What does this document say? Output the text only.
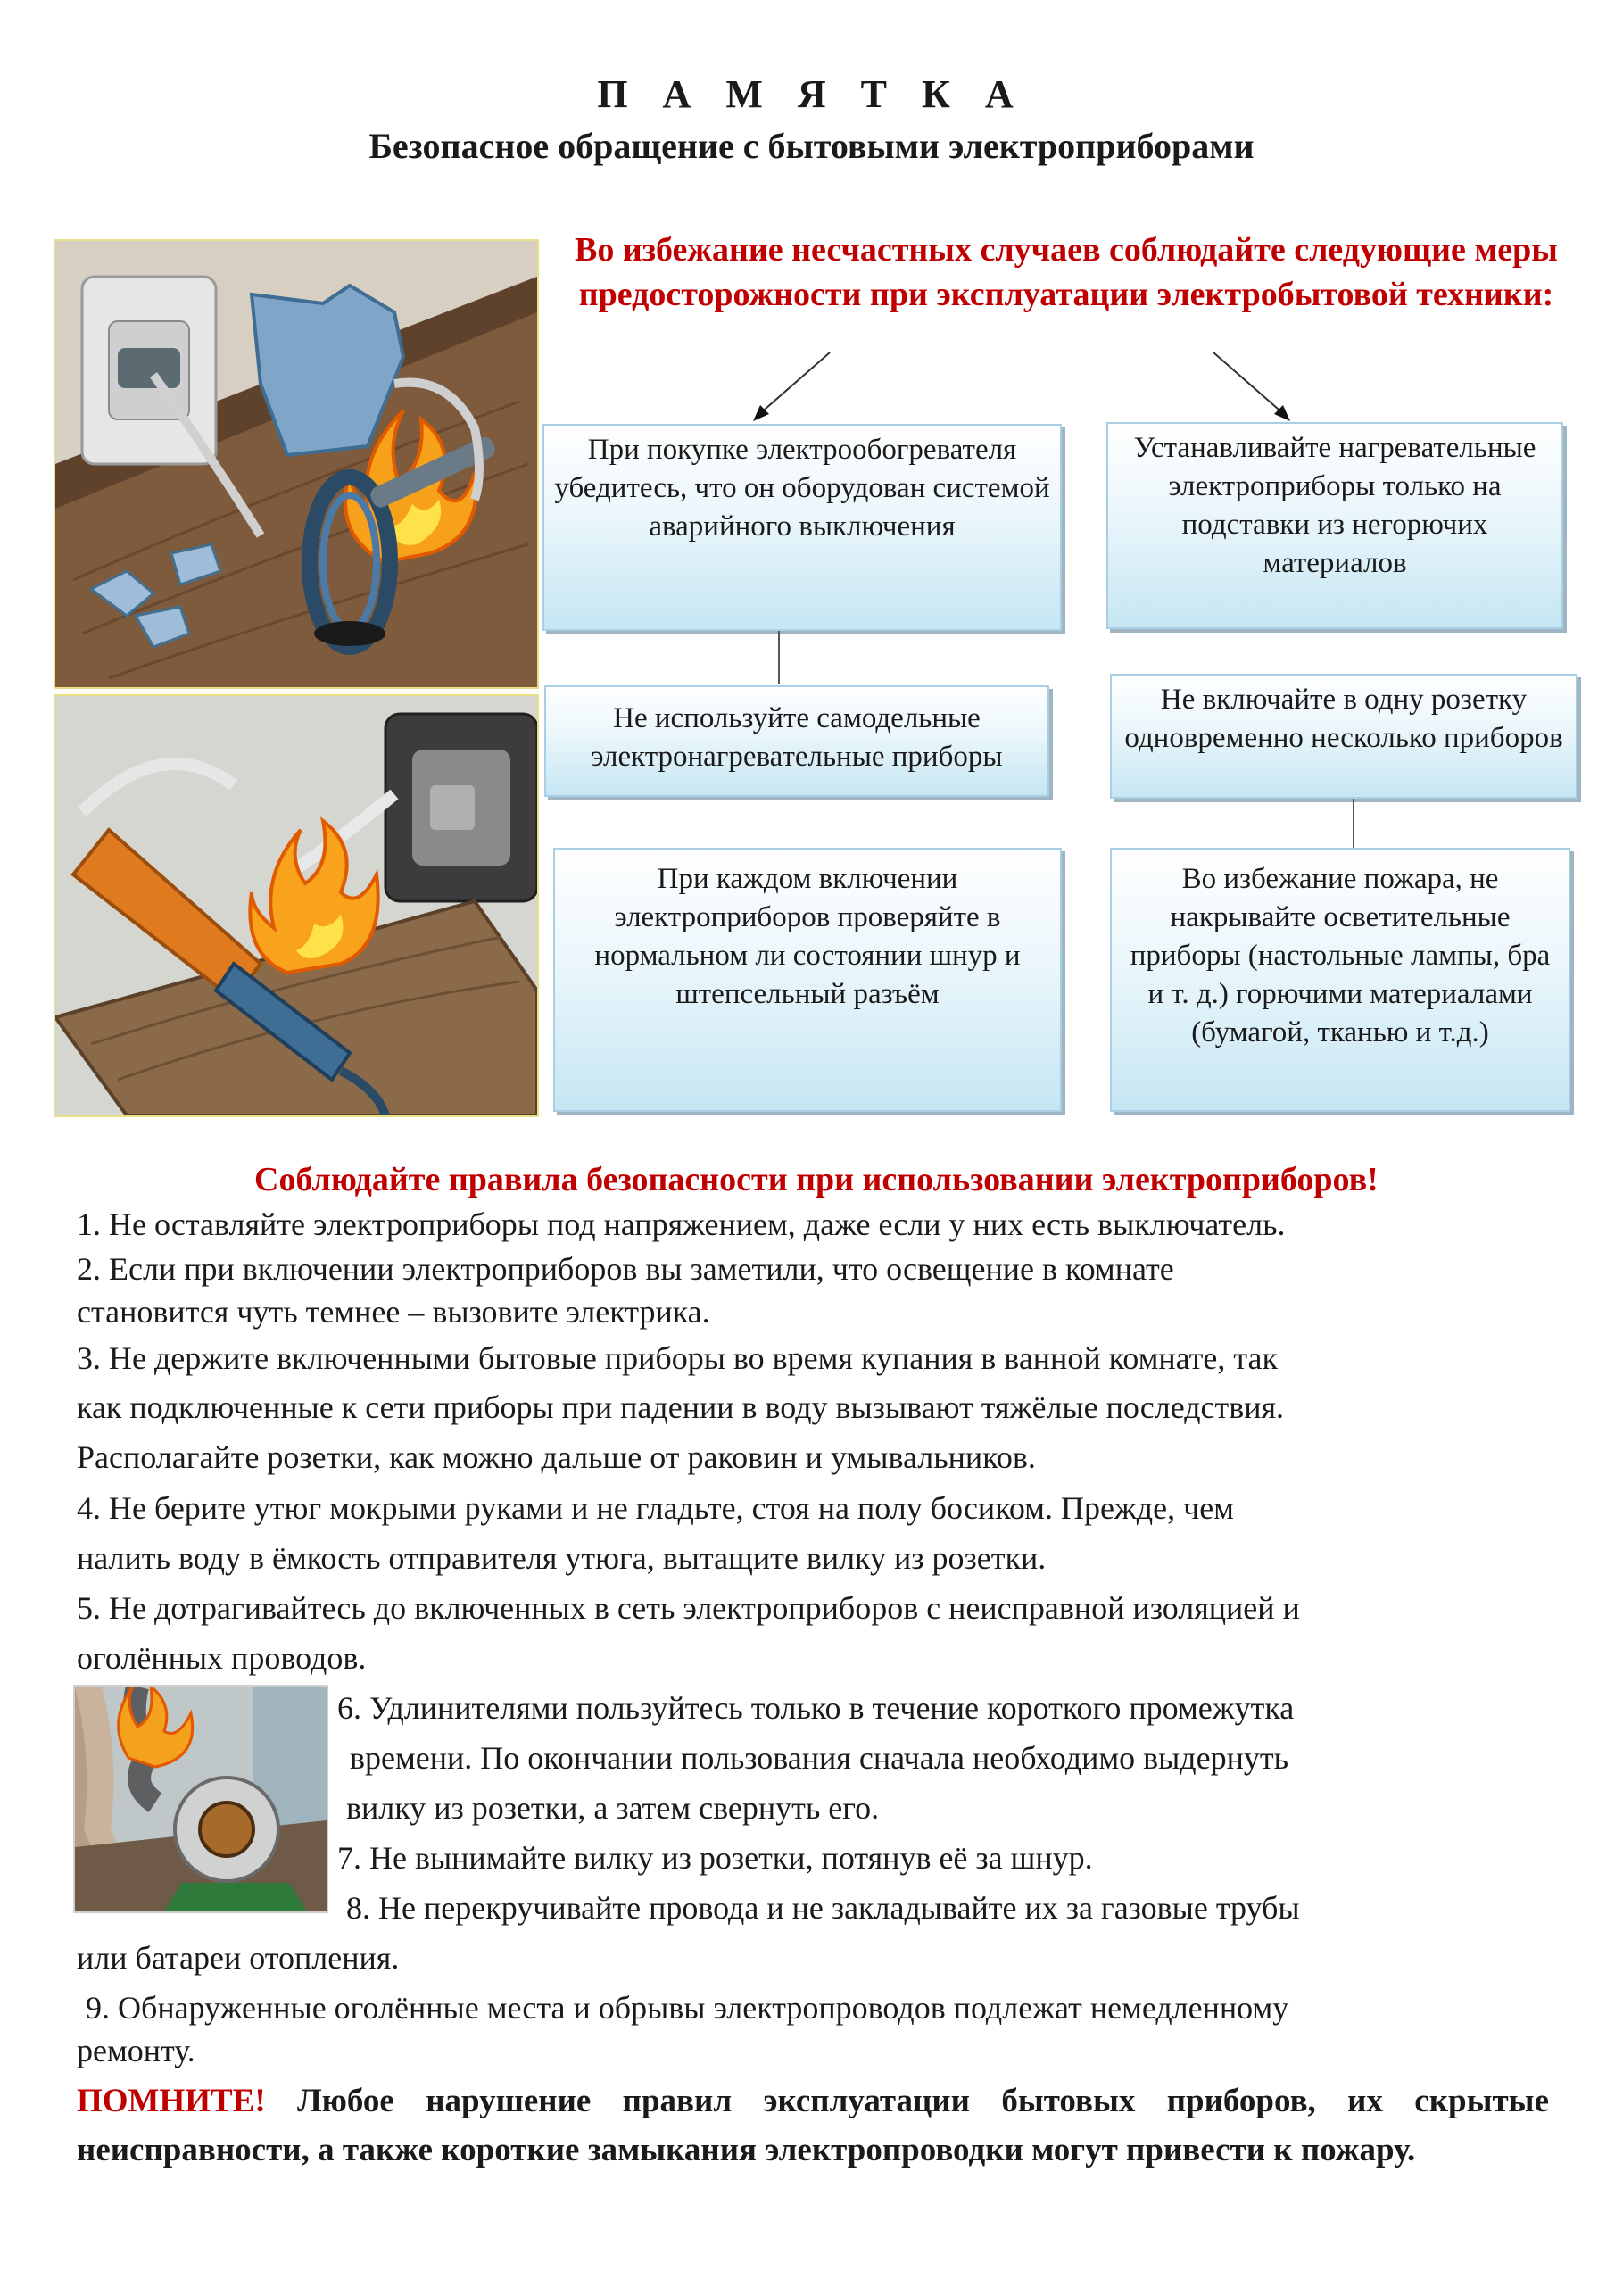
П А М Я Т К А
Безопасное обращение с бытовыми электроприборами
Во избежание несчастных случаев соблюдайте следующие меры предосторожности при эксплуатации электробытовой техники:
При покупке электрообогревателя убедитесь, что он оборудован системой аварийного выключения
Устанавливайте нагревательные электроприборы только на подставки из негорючих материалов
Не используйте самодельные электронагревательные приборы
Не включайте в одну розетку одновременно несколько приборов
При каждом включении электроприборов проверяйте в нормальном ли состоянии шнур и штепсельный разъём
Во избежание пожара, не накрывайте осветительные приборы (настольные лампы, бра и т. д.) горючими материалами (бумагой, тканью и т.д.)
Соблюдайте правила безопасности при использовании электроприборов!
1. Не оставляйте электроприборы под напряжением, даже если у них есть выключатель.
2. Если при включении электроприборов вы заметили, что освещение в комнате
становится чуть темнее – вызовите электрика.
3. Не держите включенными бытовые приборы во время купания в ванной комнате, так
как подключенные к сети приборы при падении в воду вызывают тяжёлые последствия.
Располагайте розетки, как можно дальше от раковин и умывальников.
4. Не берите утюг мокрыми руками и не гладьте, стоя на полу босиком. Прежде, чем
налить воду в ёмкость отправителя утюга, вытащите вилку из розетки.
5. Не дотрагивайтесь до включенных в сеть электроприборов с неисправной изоляцией и
оголённых проводов.
6. Удлинителями пользуйтесь только в течение короткого промежутка
времени. По окончании пользования сначала необходимо выдернуть
вилку из розетки, а затем свернуть его.
7. Не вынимайте вилку из розетки, потянув её за шнур.
8. Не перекручивайте провода и не закладывайте их за газовые трубы
или батареи отопления.
9. Обнаруженные оголённые места и обрывы электропроводов подлежат немедленному
ремонту.
ПОМНИТЕ! Любое нарушение правил эксплуатации бытовых приборов, их скрытые неисправности, а также короткие замыкания электропроводки могут привести к пожару.
